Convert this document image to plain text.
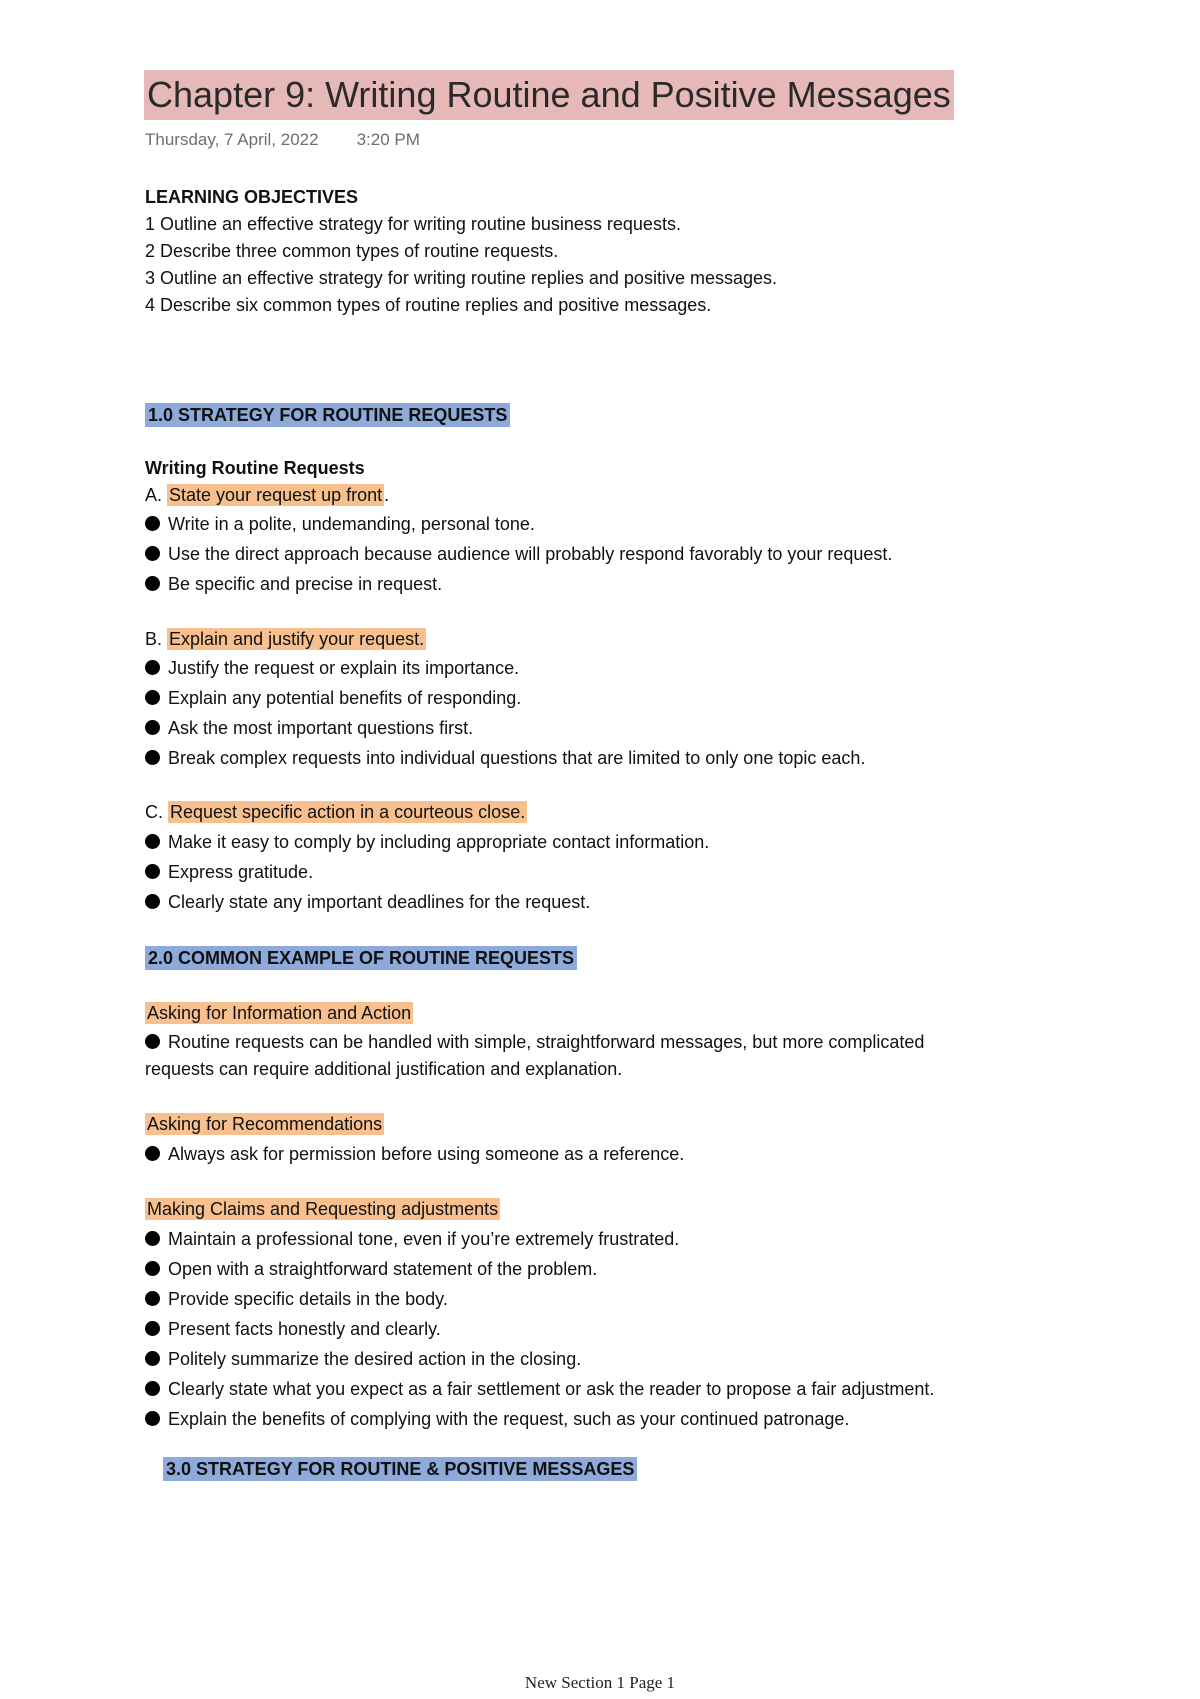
Chapter 9: Writing Routine and Positive Messages
Thursday, 7 April, 2022 3:20 PM
LEARNING OBJECTIVES
1 Outline an effective strategy for writing routine business requests.
2 Describe three common types of routine requests.
3 Outline an effective strategy for writing routine replies and positive messages.
4 Describe six common types of routine replies and positive messages.
1.0 STRATEGY FOR ROUTINE REQUESTS
Writing Routine Requests
A. State your request up front .
Write in a polite, undemanding, personal tone.
Use the direct approach because audience will probably respond favorably to your request.
Be specific and precise in request.
B. Explain and justify your request.
Justify the request or explain its importance.
Explain any potential benefits of responding.
Ask the most important questions first.
Break complex requests into individual questions that are limited to only one topic each.
C. Request specific action in a courteous close.
Make it easy to comply by including appropriate contact information.
Express gratitude.
Clearly state any important deadlines for the request.
2.0 COMMON EXAMPLE OF ROUTINE REQUESTS
Asking for Information and Action
Routine requests can be handled with simple, straightforward messages, but more complicated
requests can require additional justification and explanation.
Asking for Recommendations
Always ask for permission before using someone as a reference.
Making Claims and Requesting adjustments
Maintain a professional tone, even if you’re extremely frustrated.
Open with a straightforward statement of the problem.
Provide specific details in the body.
Present facts honestly and clearly.
Politely summarize the desired action in the closing.
Clearly state what you expect as a fair settlement or ask the reader to propose a fair adjustment.
Explain the benefits of complying with the request, such as your continued patronage.
3.0 STRATEGY FOR ROUTINE & POSITIVE MESSAGES
New Section 1 Page 1
